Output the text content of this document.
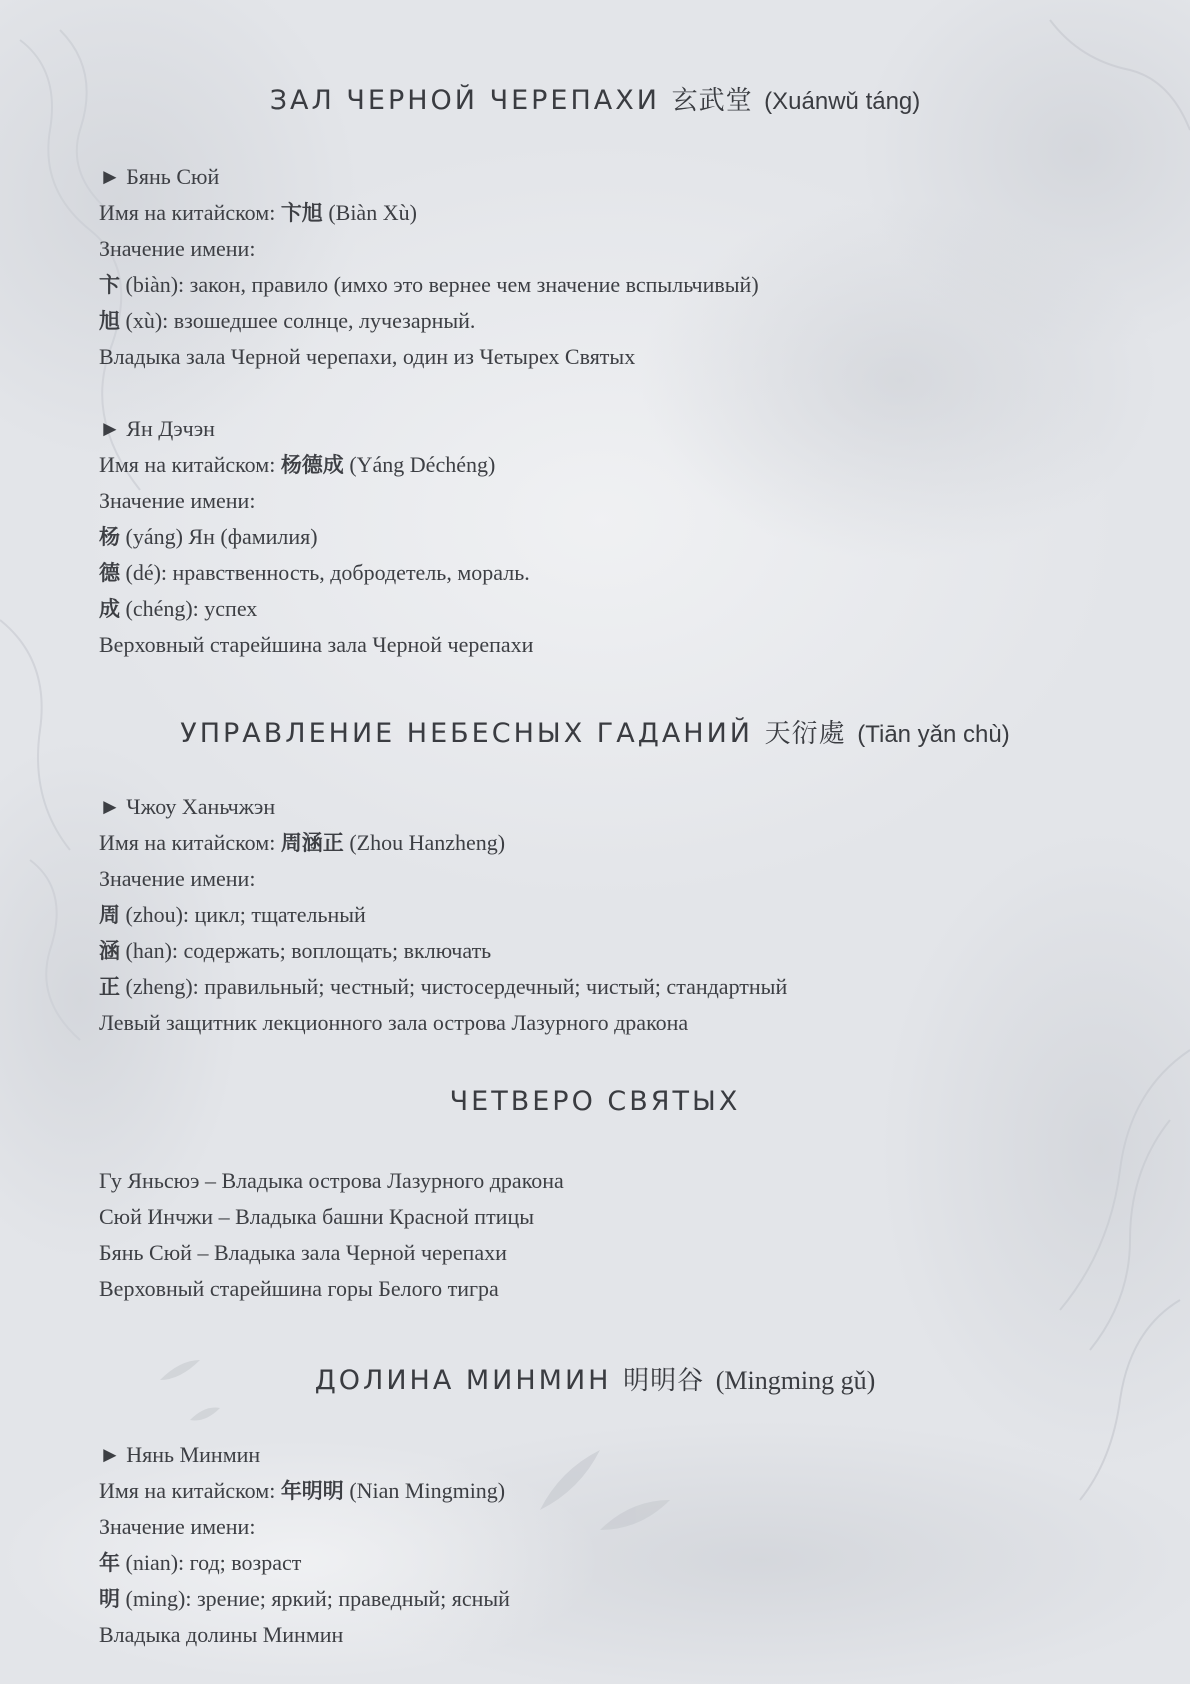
ЗАЛ ЧЕРНОЙ ЧЕРЕПАХИ 玄武堂 (Xuánwǔ táng)
► Бянь Сюй
Имя на китайском: 卞旭 (Biàn Xù)
Значение имени:
卞 (biàn): закон, правило (имхо это вернее чем значение вспыльчивый)
旭 (xù): взошедшее солнце, лучезарный.
Владыка зала Черной черепахи, один из Четырех Святых
► Ян Дэчэн
Имя на китайском: 杨德成 (Yáng Déchéng)
Значение имени:
杨 (yáng) Ян (фамилия)
德 (dé): нравственность, добродетель, мораль.
成 (chéng): успех
Верховный старейшина зала Черной черепахи
УПРАВЛЕНИЕ НЕБЕСНЫХ ГАДАНИЙ 天衍處 (Tiān yǎn chù)
► Чжоу Ханьчжэн
Имя на китайском: 周涵正 (Zhou Hanzheng)
Значение имени:
周 (zhou): цикл; тщательный
涵 (han): содержать; воплощать; включать
正 (zheng): правильный; честный; чистосердечный; чистый; стандартный
Левый защитник лекционного зала острова Лазурного дракона
ЧЕТВЕРО СВЯТЫХ
Гу Яньсюэ – Владыка острова Лазурного дракона
Сюй Инчжи – Владыка башни Красной птицы
Бянь Сюй – Владыка зала Черной черепахи
Верховный старейшина горы Белого тигра
ДОЛИНА МИНМИН 明明谷 (Mingming gǔ)
► Нянь Минмин
Имя на китайском: 年明明 (Nian Mingming)
Значение имени:
年 (nian): год; возраст
明 (ming): зрение; яркий; праведный; ясный
Владыка долины Минмин
